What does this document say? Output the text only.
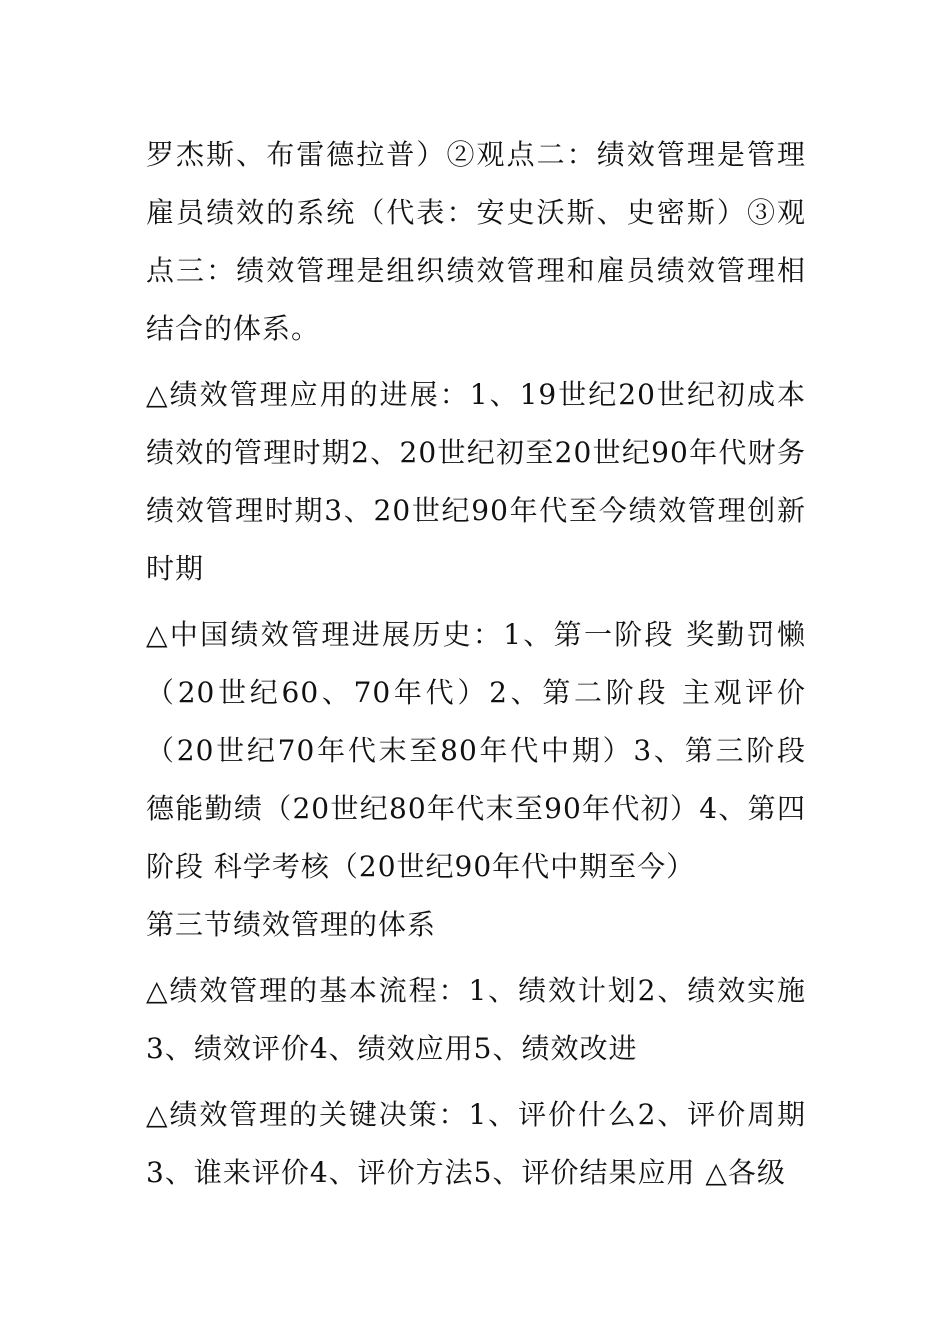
罗杰斯、布雷德拉普）②观点二：绩效管理是管理雇员绩效的系统（代表：安史沃斯、史密斯）③观点三：绩效管理是组织绩效管理和雇员绩效管理相结合的体系。

△绩效管理应用的进展：1、19世纪20世纪初成本绩效的管理时期2、20世纪初至20世纪90年代财务绩效管理时期3、20世纪90年代至今绩效管理创新时期

△中国绩效管理进展历史：1、第一阶段 奖勤罚懒（20世纪60、70年代）2、第二阶段 主观评价（20世纪70年代末至80年代中期）3、第三阶段 德能勤绩（20世纪80年代末至90年代初）4、第四阶段 科学考核（20世纪90年代中期至今）

第三节绩效管理的体系

△绩效管理的基本流程：1、绩效计划2、绩效实施3、绩效评价4、绩效应用5、绩效改进

△绩效管理的关键决策：1、评价什么2、评价周期3、谁来评价4、评价方法5、评价结果应用 △各级
